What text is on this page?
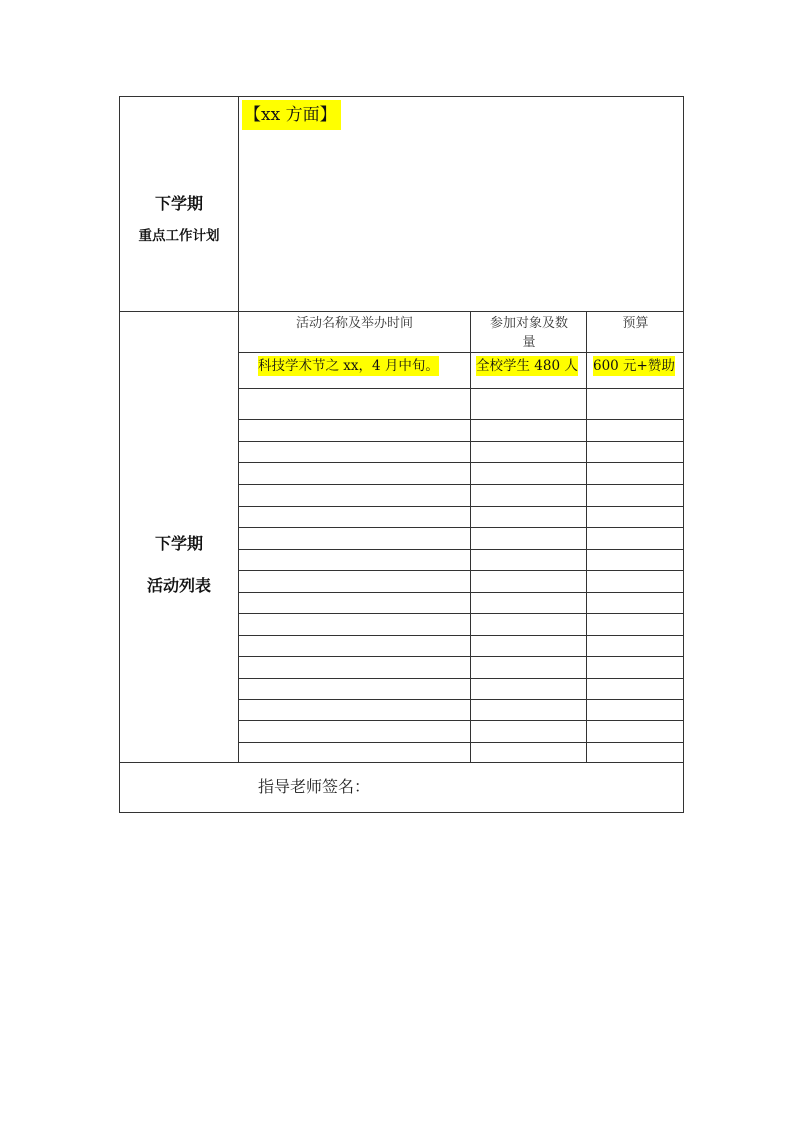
下学期
重点工作计划
【xx 方面】
下学期
活动列表
活动名称及举办时间	参加对象及数量
预算
科技学术节之 xx，4 月中旬。	全校学生 480 人 600 元+赞助
指导老师签名：
